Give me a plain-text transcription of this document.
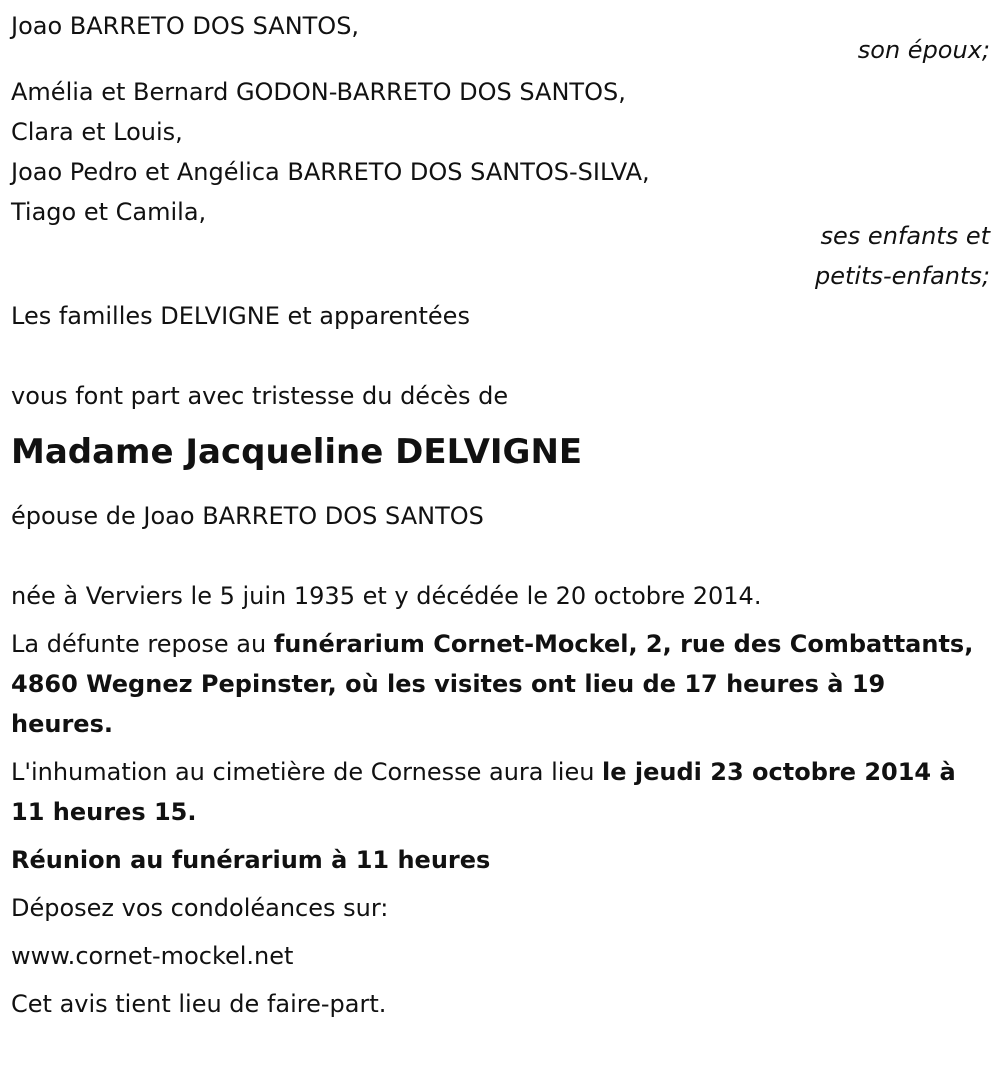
Joao BARRETO DOS SANTOS,
son époux;
Amélia et Bernard GODON-BARRETO DOS SANTOS,
Clara et Louis,
Joao Pedro et Angélica BARRETO DOS SANTOS-SILVA,
Tiago et Camila,
ses enfants et
petits-enfants;
Les familles DELVIGNE et apparentées
vous font part avec tristesse du décès de
Madame Jacqueline DELVIGNE
épouse de Joao BARRETO DOS SANTOS
née à Verviers le 5 juin 1935 et y décédée le 20 octobre 2014.
La défunte repose au funérarium Cornet-Mockel, 2, rue des Combattants, 4860 Wegnez Pepinster, où les visites ont lieu de 17 heures à 19 heures.
L'inhumation au cimetière de Cornesse aura lieu le jeudi 23 octobre 2014 à 11 heures 15.
Réunion au funérarium à 11 heures
Déposez vos condoléances sur:
www.cornet-mockel.net
Cet avis tient lieu de faire-part.
